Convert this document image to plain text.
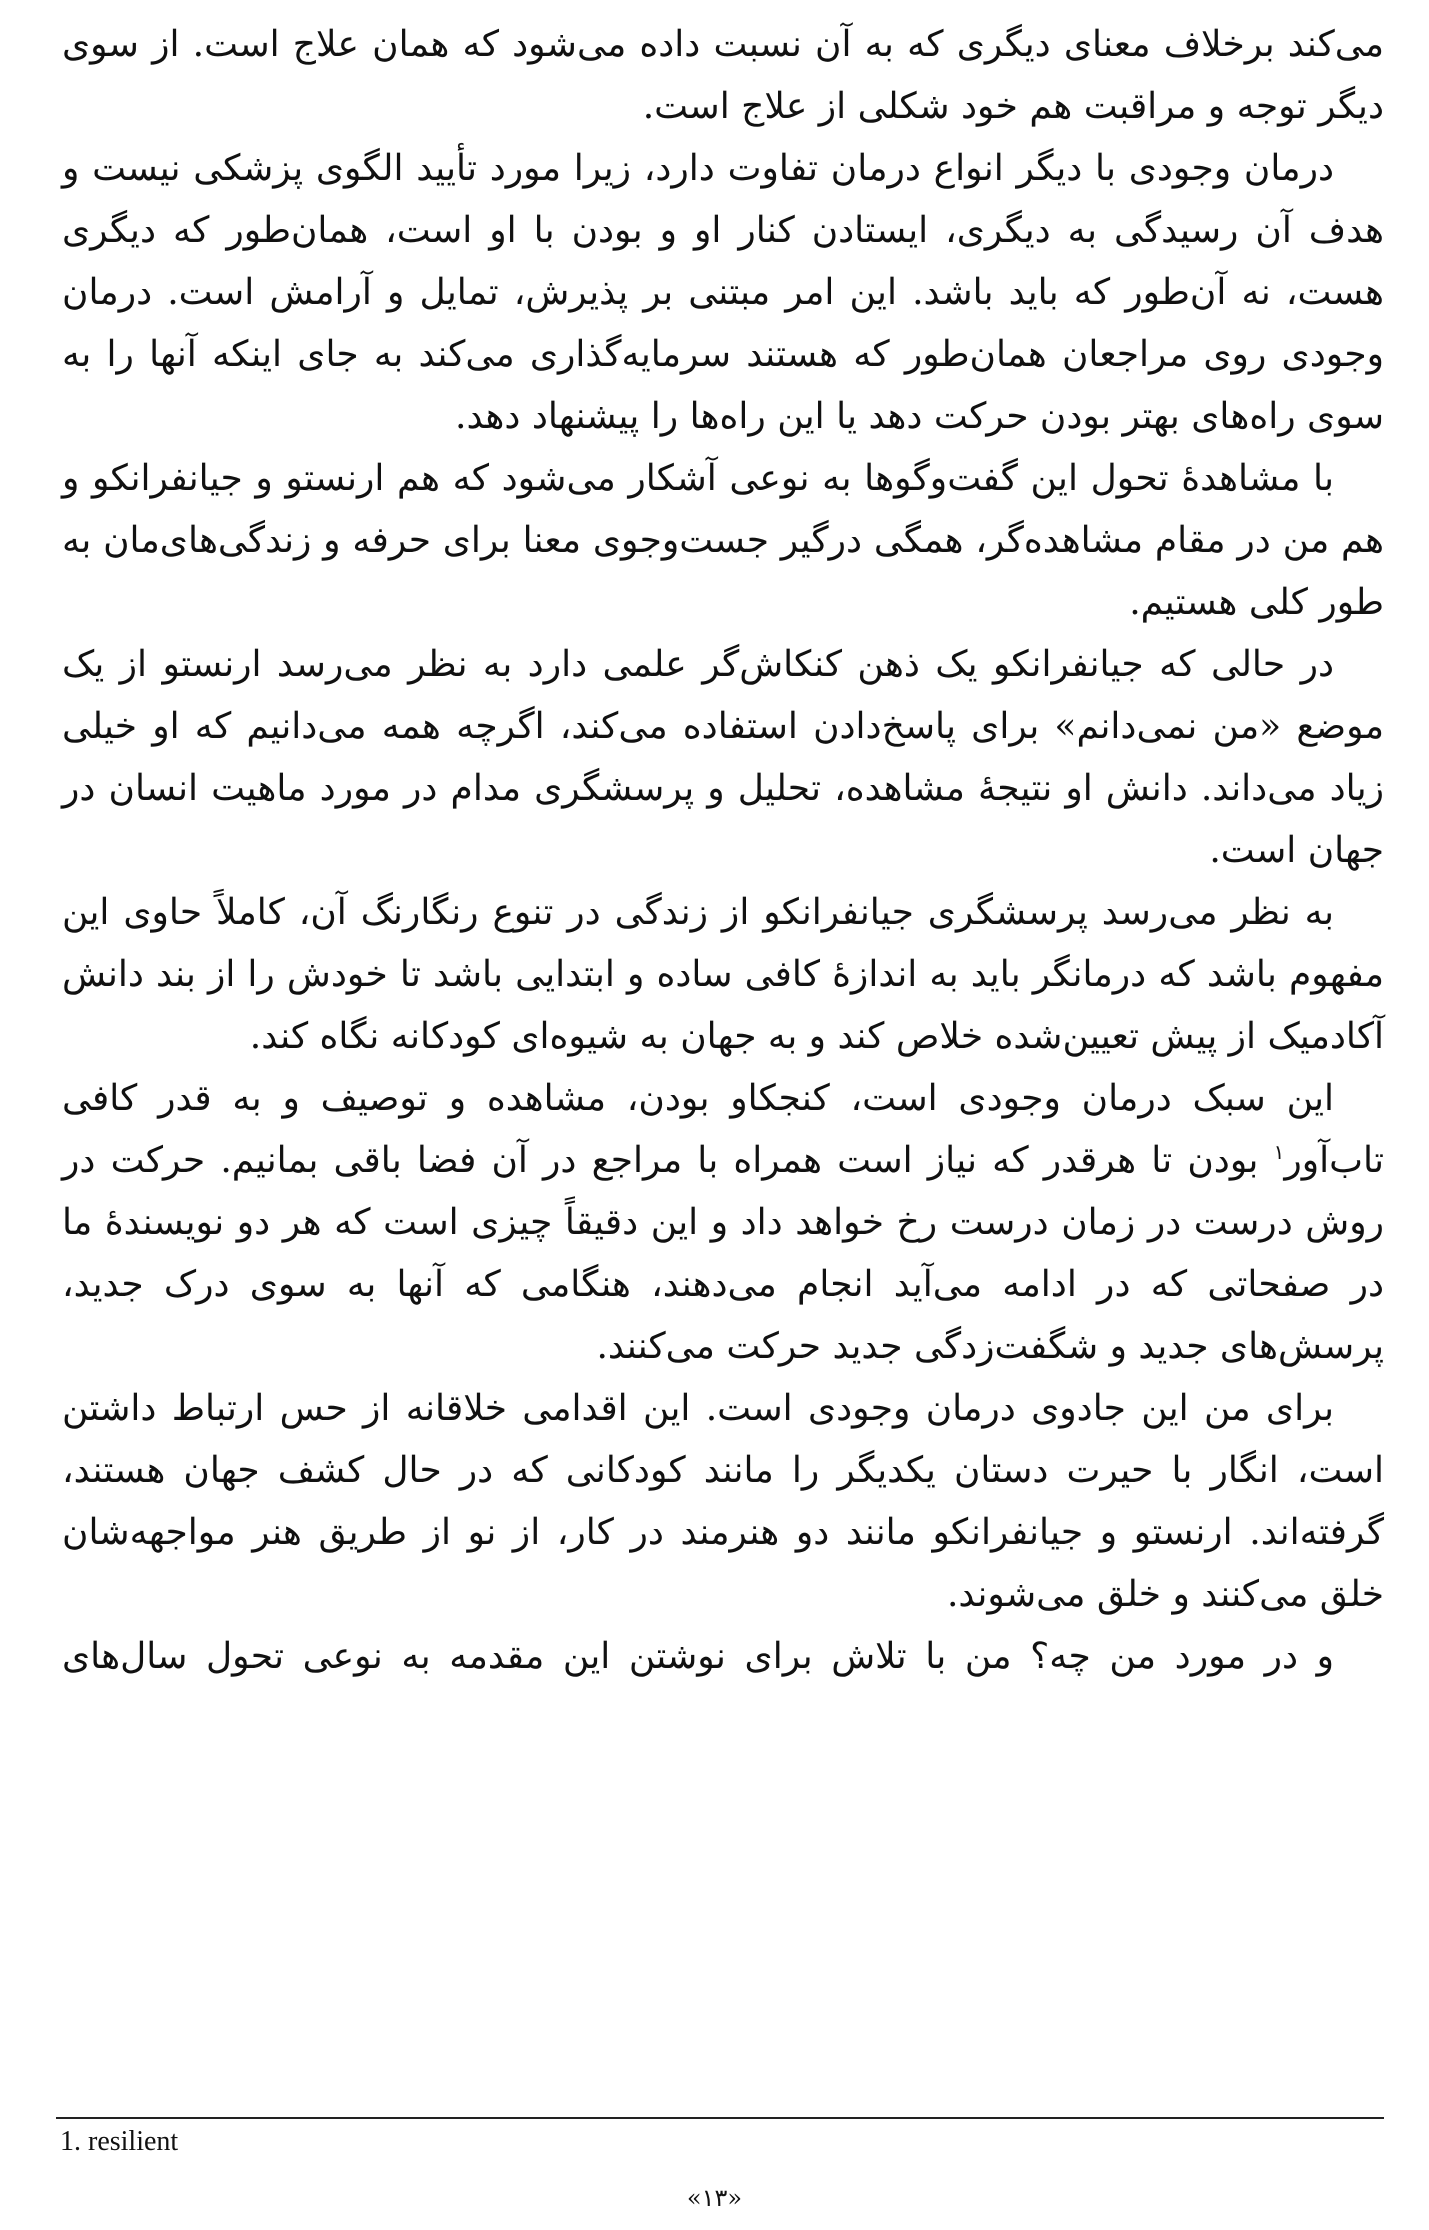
می‌کند برخلاف معنای دیگری که به آن نسبت داده می‌شود که همان علاج است. از سوی دیگر توجه و مراقبت هم خود شکلی از علاج است.

درمان وجودی با دیگر انواع درمان تفاوت دارد، زیرا مورد تأیید الگوی پزشکی نیست و هدف آن رسیدگی به دیگری، ایستادن کنار او و بودن با او است، همان‌طور که دیگری هست، نه آن‌طور که باید باشد. این امر مبتنی بر پذیرش، تمایل و آرامش است. درمان وجودی روی مراجعان همان‌طور که هستند سرمایه‌گذاری می‌کند به جای اینکه آنها را به سوی راه‌های بهتر بودن حرکت دهد یا این راه‌ها را پیشنهاد دهد.

با مشاهدهٔ تحول این گفت‌وگوها به نوعی آشکار می‌شود که هم ارنستو و جیانفرانکو و هم من در مقام مشاهده‌گر، همگی درگیر جست‌وجوی معنا برای حرفه و زندگی‌های‌مان به طور کلی هستیم.

در حالی که جیانفرانکو یک ذهن کنکاش‌گر علمی دارد به نظر می‌رسد ارنستو از یک موضع «من نمی‌دانم» برای پاسخ‌دادن استفاده می‌کند، اگرچه همه می‌دانیم که او خیلی زیاد می‌داند. دانش او نتیجهٔ مشاهده، تحلیل و پرسشگری مدام در مورد ماهیت انسان در جهان است.

به نظر می‌رسد پرسشگری جیانفرانکو از زندگی در تنوع رنگارنگ آن، کاملاً حاوی این مفهوم باشد که درمانگر باید به اندازهٔ کافی ساده و ابتدایی باشد تا خودش را از بند دانش آکادمیک از پیش تعیین‌شده خلاص کند و به جهان به شیوه‌ای کودکانه نگاه کند.

این سبک درمان وجودی است، کنجکاو بودن، مشاهده و توصیف و به قدر کافی تاب‌آور$^۱$ بودن تا هرقدر که نیاز است همراه با مراجع در آن فضا باقی بمانیم. حرکت در روش درست در زمان درست رخ خواهد داد و این دقیقاً چیزی است که هر دو نویسندهٔ ما در صفحاتی که در ادامه می‌آید انجام می‌دهند، هنگامی که آنها به سوی درک جدید، پرسش‌های جدید و شگفت‌زدگی جدید حرکت می‌کنند.

برای من این جادوی درمان وجودی است. این اقدامی خلاقانه از حس ارتباط داشتن است، انگار با حیرت دستان یکدیگر را مانند کودکانی که در حال کشف جهان هستند، گرفته‌اند. ارنستو و جیانفرانکو مانند دو هنرمند در کار، از نو از طریق هنر مواجهه‌شان خلق می‌کنند و خلق می‌شوند.

و در مورد من چه؟ من با تلاش برای نوشتن این مقدمه به نوعی تحول سال‌های

1. resilient
«۱۳»
